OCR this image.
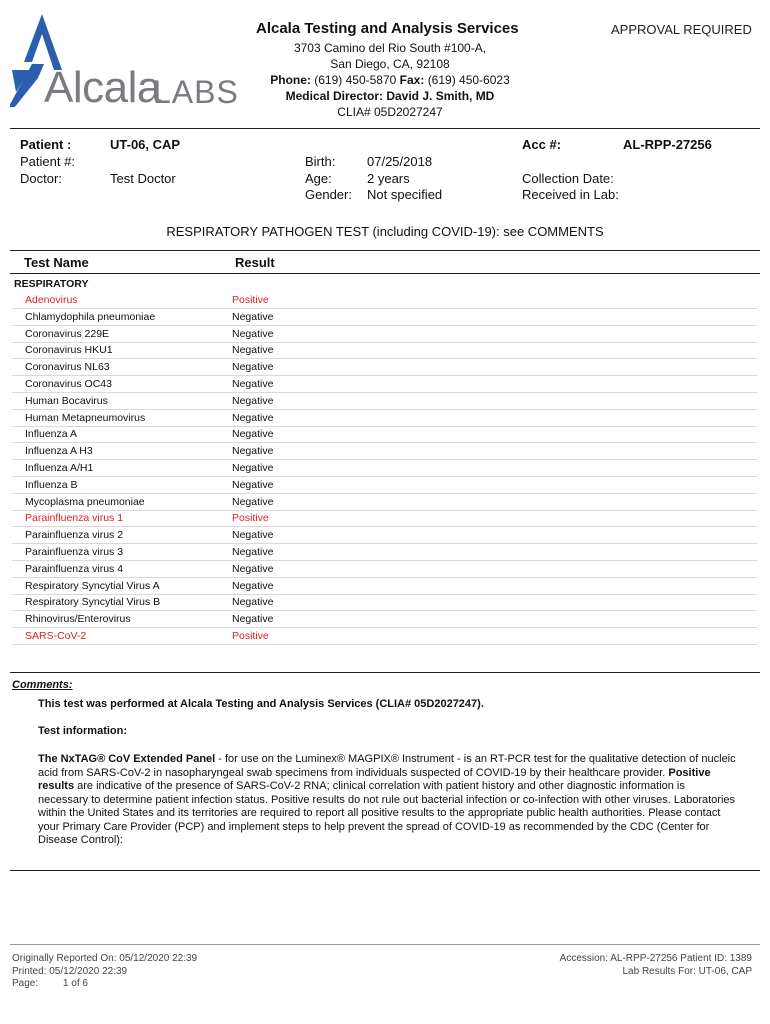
Alcala
LABS
Alcala Testing and Analysis Services	APPROVAL REQUIRED
3703 Camino del Rio South #100-A,
San Diego, CA, 92108
Phone: (619) 450-5870 Fax: (619) 450-6023
Medical Director: David J. Smith, MD
CLIA# 05D2027247
Patient :	UT-06, CAP
Patient #:
Doctor:	Test Doctor
Birth: 07/25/2018
Age:	2 years
Gender: Not specified
Acc #:	AL-RPP-27256
Collection Date:
Received in Lab:
RESPIRATORY PATHOGEN TEST (including COVID-19): see COMMENTS
Test Name	Result
RESPIRATORY
Adenovirus	Positive
Chlamydophila pneumoniae	Negative
Coronavirus 229E	Negative
Coronavirus HKU1	Negative
Coronavirus NL63	Negative
Coronavirus OC43	Negative
Human Bocavirus	Negative
Human Metapneumovirus	Negative
Influenza A	Negative
Influenza A H3	Negative
Influenza A/H1	Negative
Influenza B	Negative
Mycoplasma pneumoniae	Negative
Parainfluenza virus 1	Positive
Parainfluenza virus 2	Negative
Parainfluenza virus 3	Negative
Parainfluenza virus 4	Negative
Respiratory Syncytial Virus A	Negative
Respiratory Syncytial Virus B	Negative
Rhinovirus/Enterovirus	Negative
SARS-CoV-2	Positive
Comments:
This test was performed at Alcala Testing and Analysis Services (CLIA# 05D2027247).
Test information:
The NxTAG® CoV Extended Panel - for use on the Luminex® MAGPIX® Instrument - is an RT-PCR test for the qualitative detection of nucleic acid from SARS-CoV-2 in nasopharyngeal swab specimens from individuals suspected of COVID-19 by their healthcare provider. Positive results are indicative of the presence of SARS-CoV-2 RNA; clinical correlation with patient history and other diagnostic information is necessary to determine patient infection status. Positive results do not rule out bacterial infection or co-infection with other viruses. Laboratories within the United States and its territories are required to report all positive results to the appropriate public health authorities. Please contact your Primary Care Provider (PCP) and implement steps to help prevent the spread of COVID-19 as recommended by the CDC (Center for Disease Control):
Originally Reported On: 05/12/2020 22:39
Printed: 05/12/2020 22:39
Page: 1 of 6
Accession: AL-RPP-27256 Patient ID: 1389
Lab Results For: UT-06, CAP
